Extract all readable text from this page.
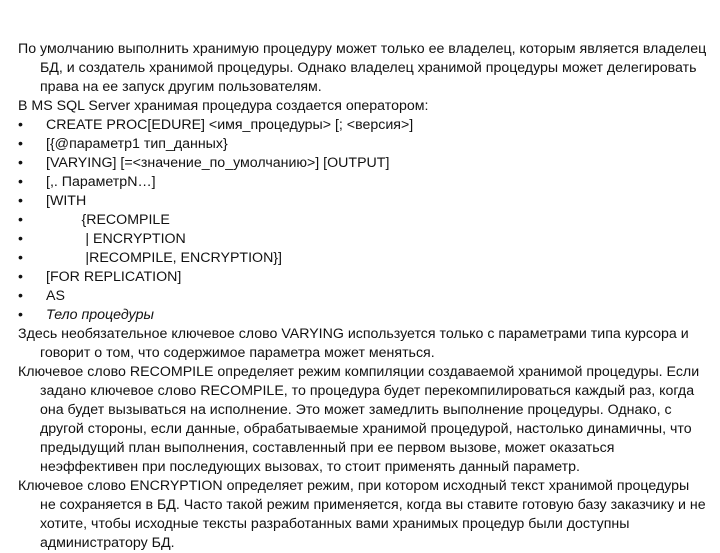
По умолчанию выполнить хранимую процедуру может только ее владелец, которым является владелец БД, и создатель хранимой процедуры. Однако владелец хранимой процедуры может делегировать права на ее запуск другим пользователям.

В MS SQL Server хранимая процедура создается оператором:

• CREATE PROC[EDURE] <имя_процедуры> [; <версия>]
• [{@параметр1 тип_данных}
• [VARYING] [=<значение_по_умолчанию>] [OUTPUT]
• [,. ПараметрN…]
• [WITH
• {RECOMPILE
• | ENCRYPTION
• |RECOMPILE, ENCRYPTION}]
• [FOR REPLICATION]
• AS
• Тело процедуры

Здесь необязательное ключевое слово VARYING используется только с параметрами типа курсора и говорит о том, что содержимое параметра может меняться.

Ключевое слово RECOMPILE определяет режим компиляции создаваемой хранимой процедуры. Если задано ключевое слово RECOMPILE, то процедура будет перекомпилироваться каждый раз, когда она будет вызываться на исполнение. Это может замедлить выполнение процедуры. Однако, с другой стороны, если данные, обрабатываемые хранимой процедурой, настолько динамичны, что предыдущий план выполнения, составленный при ее первом вызове, может оказаться неэффективен при последующих вызовах, то стоит применять данный параметр.

Ключевое слово ENCRYPTION определяет режим, при котором исходный текст хранимой процедуры не сохраняется в БД. Часто такой режим применяется, когда вы ставите готовую базу заказчику и не хотите, чтобы исходные тексты разработанных вами хранимых процедур были доступны администратору БД.
